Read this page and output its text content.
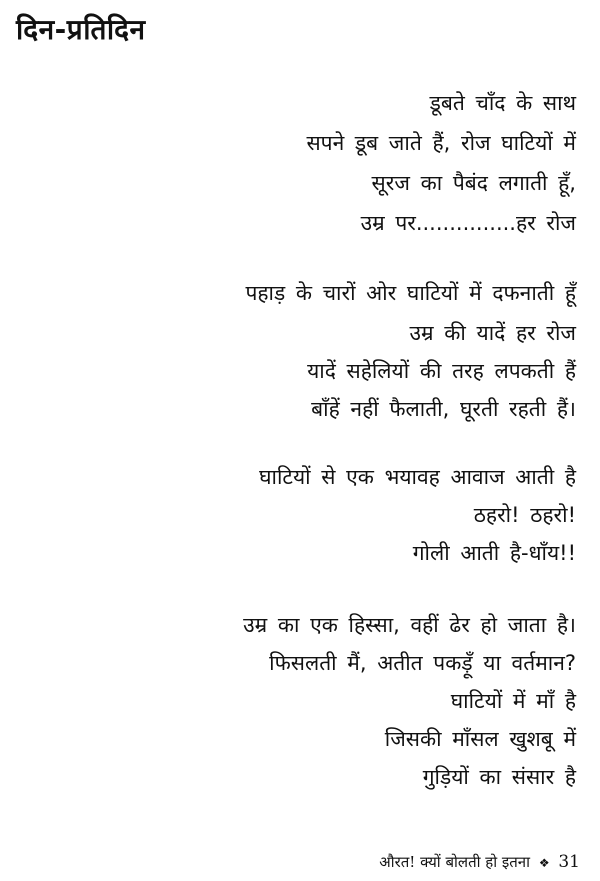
दिन-प्रतिदिन
डूबते चाँद के साथ
सपने डूब जाते हैं, रोज घाटियों में
सूरज का पैबंद लगाती हूँ,
उम्र पर...............हर रोज
पहाड़ के चारों ओर घाटियों में दफनाती हूँ
उम्र की यादें हर रोज
यादें सहेलियों की तरह लपकती हैं
बाँहें नहीं फैलाती, घूरती रहती हैं।
घाटियों से एक भयावह आवाज आती है
ठहरो! ठहरो!
गोली आती है-धाँय!!
उम्र का एक हिस्सा, वहीं ढेर हो जाता है।
फिसलती मैं, अतीत पकड़ूँ या वर्तमान?
घाटियों में माँ है
जिसकी माँसल खुशबू में
गुड़ियों का संसार है
औरत! क्यों बोलती हो इतना ❖ 31
